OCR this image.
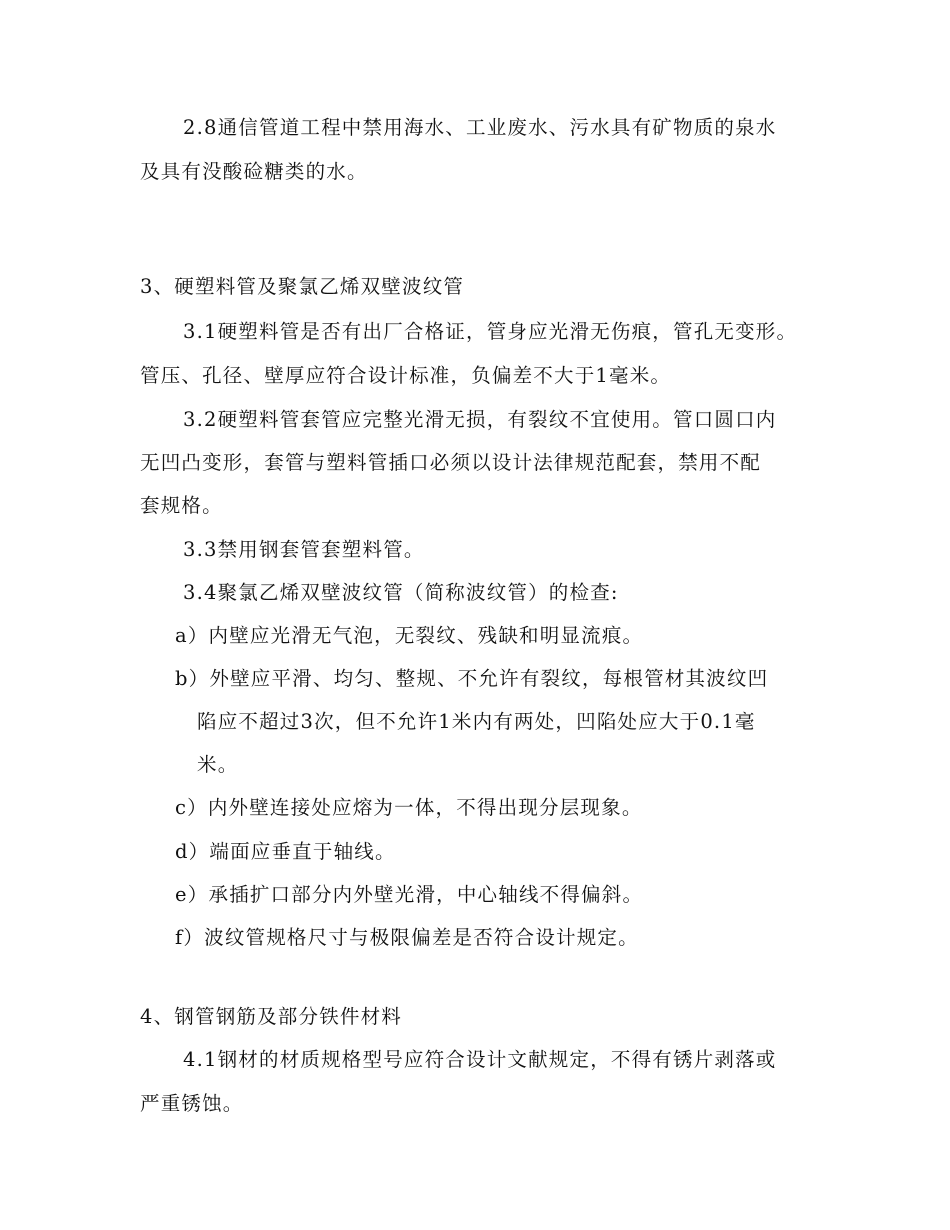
2.8通信管道工程中禁用海水、工业废水、污水具有矿物质的泉水

及具有没酸硷糖类的水。

3、硬塑料管及聚氯乙烯双壁波纹管

3.1硬塑料管是否有出厂合格证，管身应光滑无伤痕，管孔无变形。

管压、孔径、壁厚应符合设计标准，负偏差不大于1毫米。

3.2硬塑料管套管应完整光滑无损，有裂纹不宜使用。管口圆口内

无凹凸变形，套管与塑料管插口必须以设计法律规范配套，禁用不配

套规格。

3.3禁用钢套管套塑料管。

3.4聚氯乙烯双壁波纹管（简称波纹管）的检查:

a）内壁应光滑无气泡，无裂纹、残缺和明显流痕。

b）外壁应平滑、均匀、整规、不允许有裂纹，每根管材其波纹凹

陷应不超过3次，但不允许1米内有两处，凹陷处应大于0.1毫

米。

c）内外壁连接处应熔为一体，不得出现分层现象。

d）端面应垂直于轴线。

e）承插扩口部分内外壁光滑，中心轴线不得偏斜。

f）波纹管规格尺寸与极限偏差是否符合设计规定。

4、钢管钢筋及部分铁件材料

4.1钢材的材质规格型号应符合设计文献规定，不得有锈片剥落或

严重锈蚀。
